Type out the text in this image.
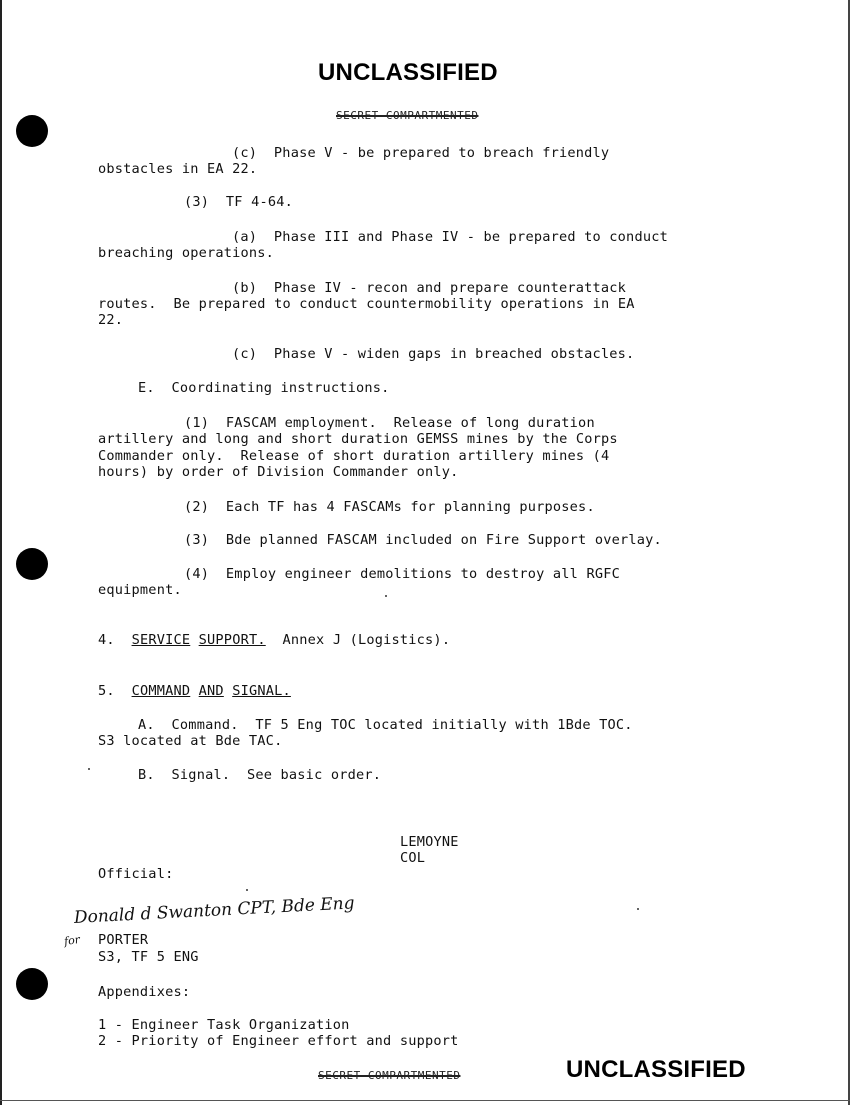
UNCLASSIFIED
SECRET COMPARTMENTED
(c)  Phase V - be prepared to breach friendly
obstacles in EA 22.
(3)  TF 4-64.
(a)  Phase III and Phase IV - be prepared to conduct
breaching operations.
(b)  Phase IV - recon and prepare counterattack
routes.  Be prepared to conduct countermobility operations in EA
22.
(c)  Phase V - widen gaps in breached obstacles.
E.  Coordinating instructions.
(1)  FASCAM employment.  Release of long duration
artillery and long and short duration GEMSS mines by the Corps
Commander only.  Release of short duration artillery mines (4
hours) by order of Division Commander only.
(2)  Each TF has 4 FASCAMs for planning purposes.
(3)  Bde planned FASCAM included on Fire Support overlay.
(4)  Employ engineer demolitions to destroy all RGFC
equipment.
4. SERVICE SUPPORT. Annex J (Logistics).
5. COMMAND AND SIGNAL.
A.  Command.  TF 5 Eng TOC located initially with 1Bde TOC.
S3 located at Bde TAC.
B.  Signal.  See basic order.
LEMOYNE
COL
Official:
Donald d Swanton CPT, Bde Eng
for PORTER
S3, TF 5 ENG
Appendixes:
1 - Engineer Task Organization
2 - Priority of Engineer effort and support
SECRET COMPARTMENTED	UNCLASSIFIED
